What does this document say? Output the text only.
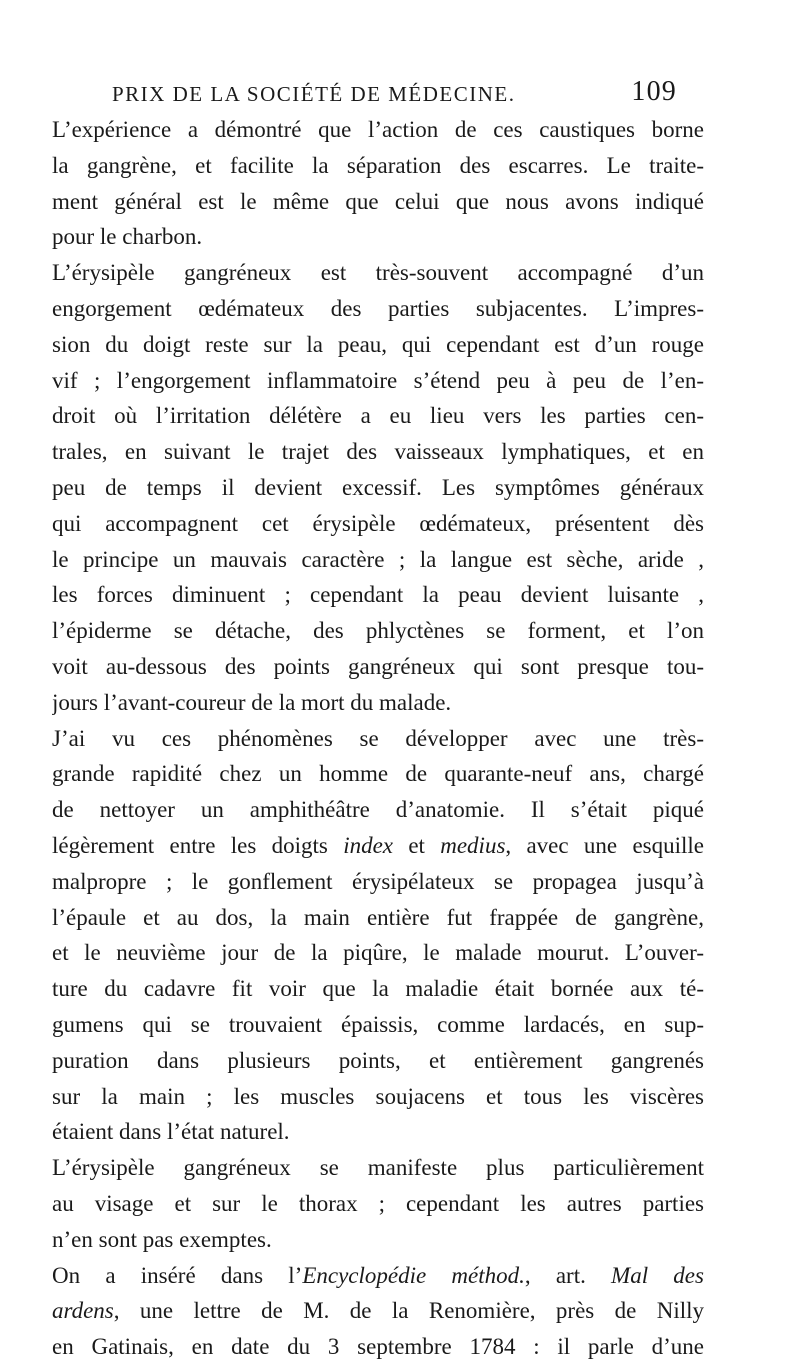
PRIX DE LA SOCIÉTÉ DE MÉDECINE.	109
L’expérience a démontré que l’action de ces caustiques borne
la gangrène, et facilite la séparation des escarres. Le traite-
ment général est le même que celui que nous avons indiqué
pour le charbon.
L’érysipèle gangréneux est très-souvent accompagné d’un
engorgement œdémateux des parties subjacentes. L’impres-
sion du doigt reste sur la peau, qui cependant est d’un rouge
vif ; l’engorgement inflammatoire s’étend peu à peu de l’en-
droit où l’irritation délétère a eu lieu vers les parties cen-
trales, en suivant le trajet des vaisseaux lymphatiques, et en
peu de temps il devient excessif. Les symptômes généraux
qui accompagnent cet érysipèle œdémateux, présentent dès
le principe un mauvais caractère ; la langue est sèche, aride ,
les forces diminuent ; cependant la peau devient luisante ,
l’épiderme se détache, des phlyctènes se forment, et l’on
voit au-dessous des points gangréneux qui sont presque tou-
jours l’avant-coureur de la mort du malade.
J’ai vu ces phénomènes se développer avec une très-
grande rapidité chez un homme de quarante-neuf ans, chargé
de nettoyer un amphithéâtre d’anatomie. Il s’était piqué
légèrement entre les doigts index et medius, avec une esquille
malpropre ; le gonflement érysipélateux se propagea jusqu’à
l’épaule et au dos, la main entière fut frappée de gangrène,
et le neuvième jour de la piqûre, le malade mourut. L’ouver-
ture du cadavre fit voir que la maladie était bornée aux té-
gumens qui se trouvaient épaissis, comme lardacés, en sup-
puration dans plusieurs points, et entièrement gangrenés
sur la main ; les muscles soujacens et tous les viscères
étaient dans l’état naturel.
L’érysipèle gangréneux se manifeste plus particulièrement
au visage et sur le thorax ; cependant les autres parties
n’en sont pas exemptes.
On a inséré dans l’Encyclopédie méthod., art. Mal des
ardens, une lettre de M. de la Renomière, près de Nilly
en Gatinais, en date du 3 septembre 1784 : il parle d’une
